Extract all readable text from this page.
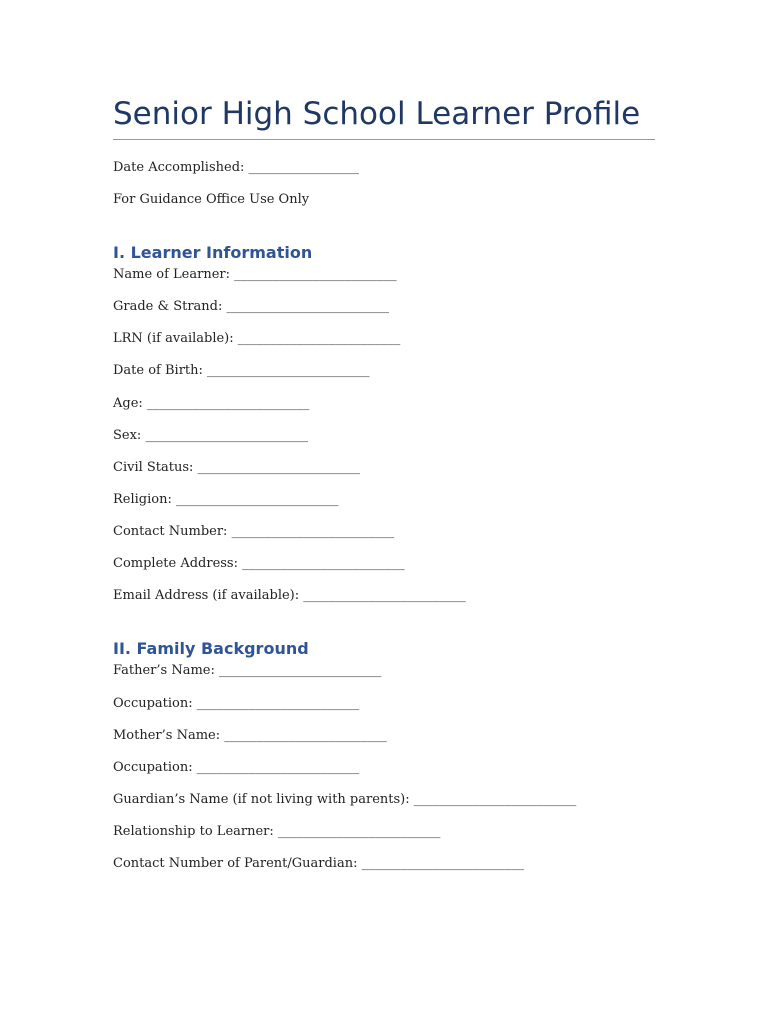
Senior High School Learner Profile

Date Accomplished: _________________

For Guidance Office Use Only

I. Learner Information

Name of Learner: _________________________

Grade & Strand: _________________________

LRN (if available): _________________________

Date of Birth: _________________________

Age: _________________________

Sex: _________________________

Civil Status: _________________________

Religion: _________________________

Contact Number: _________________________

Complete Address: _________________________

Email Address (if available): _________________________

II. Family Background

Father’s Name: _________________________

Occupation: _________________________

Mother’s Name: _________________________

Occupation: _________________________

Guardian’s Name (if not living with parents): _________________________

Relationship to Learner: _________________________

Contact Number of Parent/Guardian: _________________________
